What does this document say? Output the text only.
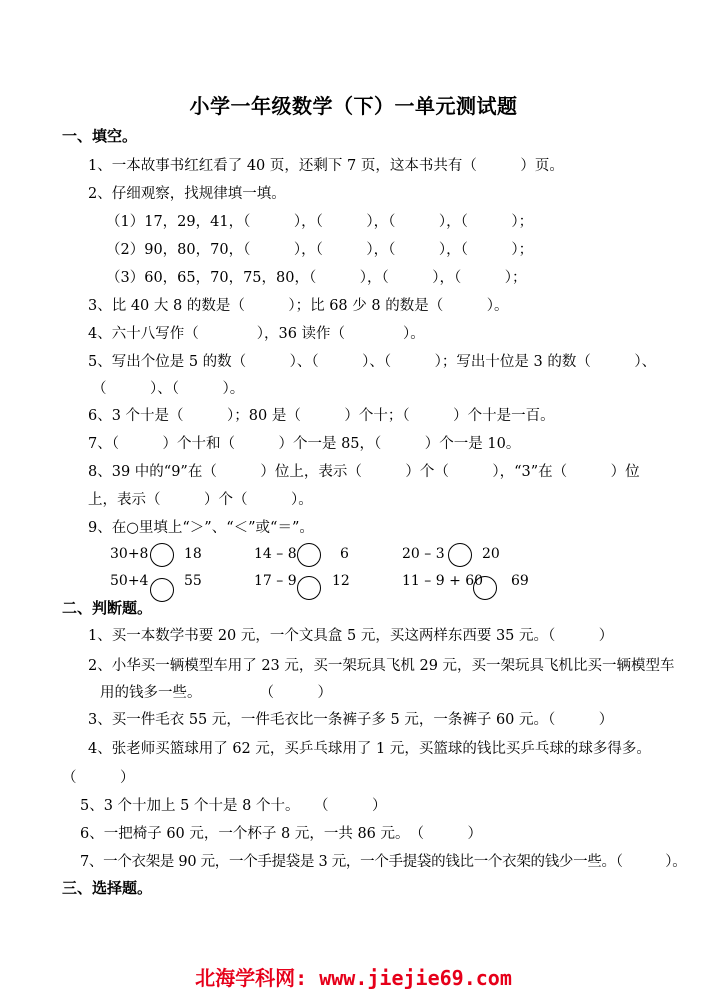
小学一年级数学（下）一单元测试题
一、填空。
1、一本故事书红红看了 40 页，还剩下 7 页，这本书共有（　　　）页。
2、仔细观察，找规律填一填。
（1）17，29，41，（　　　），（　　　），（　　　），（　　　）；
（2）90，80，70，（　　　），（　　　），（　　　），（　　　）；
（3）60，65，70，75，80，（　　　），（　　　），（　　　）；
3、比 40 大 8 的数是（　　　）；比 68 少 8 的数是（　　　）。
4、六十八写作（　　　　），36 读作（　　　　）。
5、写出个位是 5 的数（　　　）、（　　　）、（　　　）；写出十位是 3 的数（　　　）、
（　　　）、（　　　）。
6、3 个十是（　　　）；80 是（　　　）个十；（　　　）个十是一百。
7、（　　　）个十和（　　　）个一是 85，（　　　）个一是 10。
8、39 中的“9”在（　　　）位上，表示（　　　）个（　　　），“3”在（　　　）位
上，表示（　　　）个（　　　）。
9、在○里填上“＞”、“＜”或“＝”。
30+8	18	14 – 8	6	20 – 3	20
50+4	55	17 – 9	12	11 – 9 + 60 69
二、判断题。
1、买一本数学书要 20 元，一个文具盒 5 元，买这两样东西要 35 元。（　　　）
2、小华买一辆模型车用了 23 元，买一架玩具飞机 29 元，买一架玩具飞机比买一辆模型车
用的钱多一些。　　　　　（　　　）
3、买一件毛衣 55 元，一件毛衣比一条裤子多 5 元，一条裤子 60 元。（　　　）
4、张老师买篮球用了 62 元，买乒乓球用了 1 元，买篮球的钱比买乒乓球的球多得多。
（　　　）
5、3 个十加上 5 个十是 8 个十。　　（　　　）
6、一把椅子 60 元，一个杯子 8 元，一共 86 元。　（　　　）
7、一个衣架是 90 元，一个手提袋是 3 元，一个手提袋的钱比一个衣架的钱少一些。（　　　）。
三、选择题。
北海学科网: www.jiejie69.com
